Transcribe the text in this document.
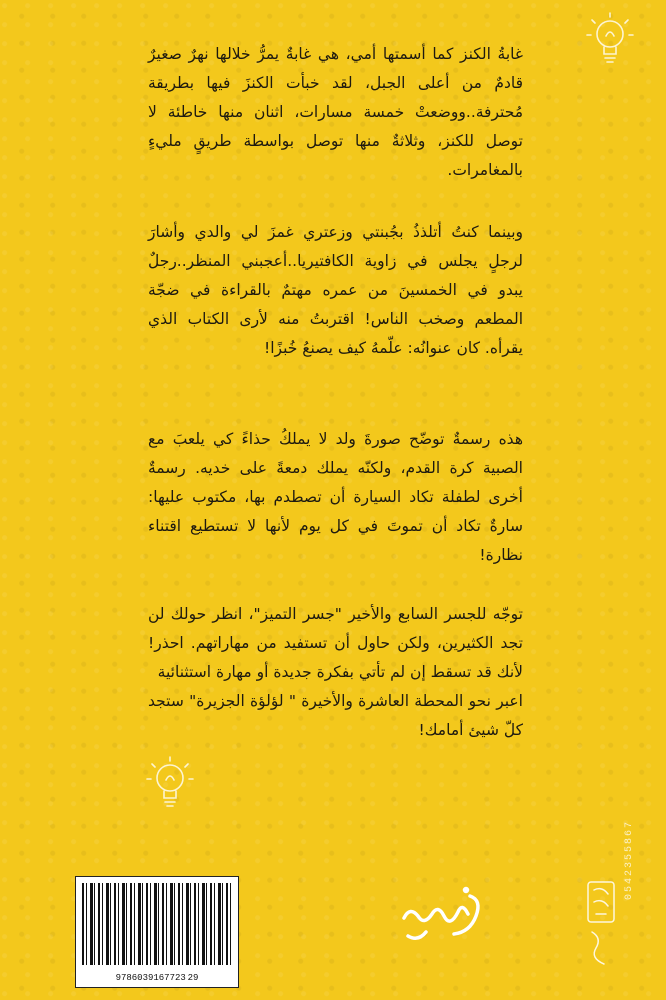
غابةُ الكنز كما أسمتها أمي، هي غابةٌ يمرُّ خلالها نهرٌ صغيرٌ قادمٌ من أعلى الجبل، لقد خبأت الكنزَ فيها بطريقة مُحترفة..ووضعتْ خمسة مسارات، اثنان منها خاطئة لا توصل للكنز، وثلاثةٌ منها توصل بواسطة طريقٍ مليءٍ بالمغامرات.

وبينما كنتُ أتلذذُ بجُبنتي وزعتري غمزَ لي والدي وأشارَ لرجلٍ يجلس في زاوية الكافتيريا..أعجبني المنظر..رجلٌ يبدو في الخمسينَ من عمره مهتمٌ بالقراءة في ضجّة المطعم وصخب الناس! اقتربتُ منه لأرى الكتاب الذي يقرأه. كان عنوانُه: علّمهُ كيف يصنعُ خُبزًا!

هذه رسمةٌ توضّح صورةَ ولد لا يملكُ حذاءً كي يلعبَ مع الصبية كرة القدم، ولكنّه يملك دمعةً على خديه. رسمةٌ أخرى لطفلة تكاد السيارة أن تصطدم بها، مكتوب عليها: سارةٌ تكاد أن تموتَ في كل يوم لأنها لا تستطيع اقتناء نظارة!

توجّه للجسر السابع والأخير "جسر التميز"، انظر حولك لن تجد الكثيرين، ولكن حاول أن تستفيد من مهاراتهم. احذر! لأنك قد تسقط إن لم تأتي بفكرة جديدة أو مهارة استثنائية
اعبر نحو المحطة العاشرة والأخيرة " لؤلؤة الجزيرة" ستجد كلّ شيئ أمامك!

9786039167723 29
0542355867
